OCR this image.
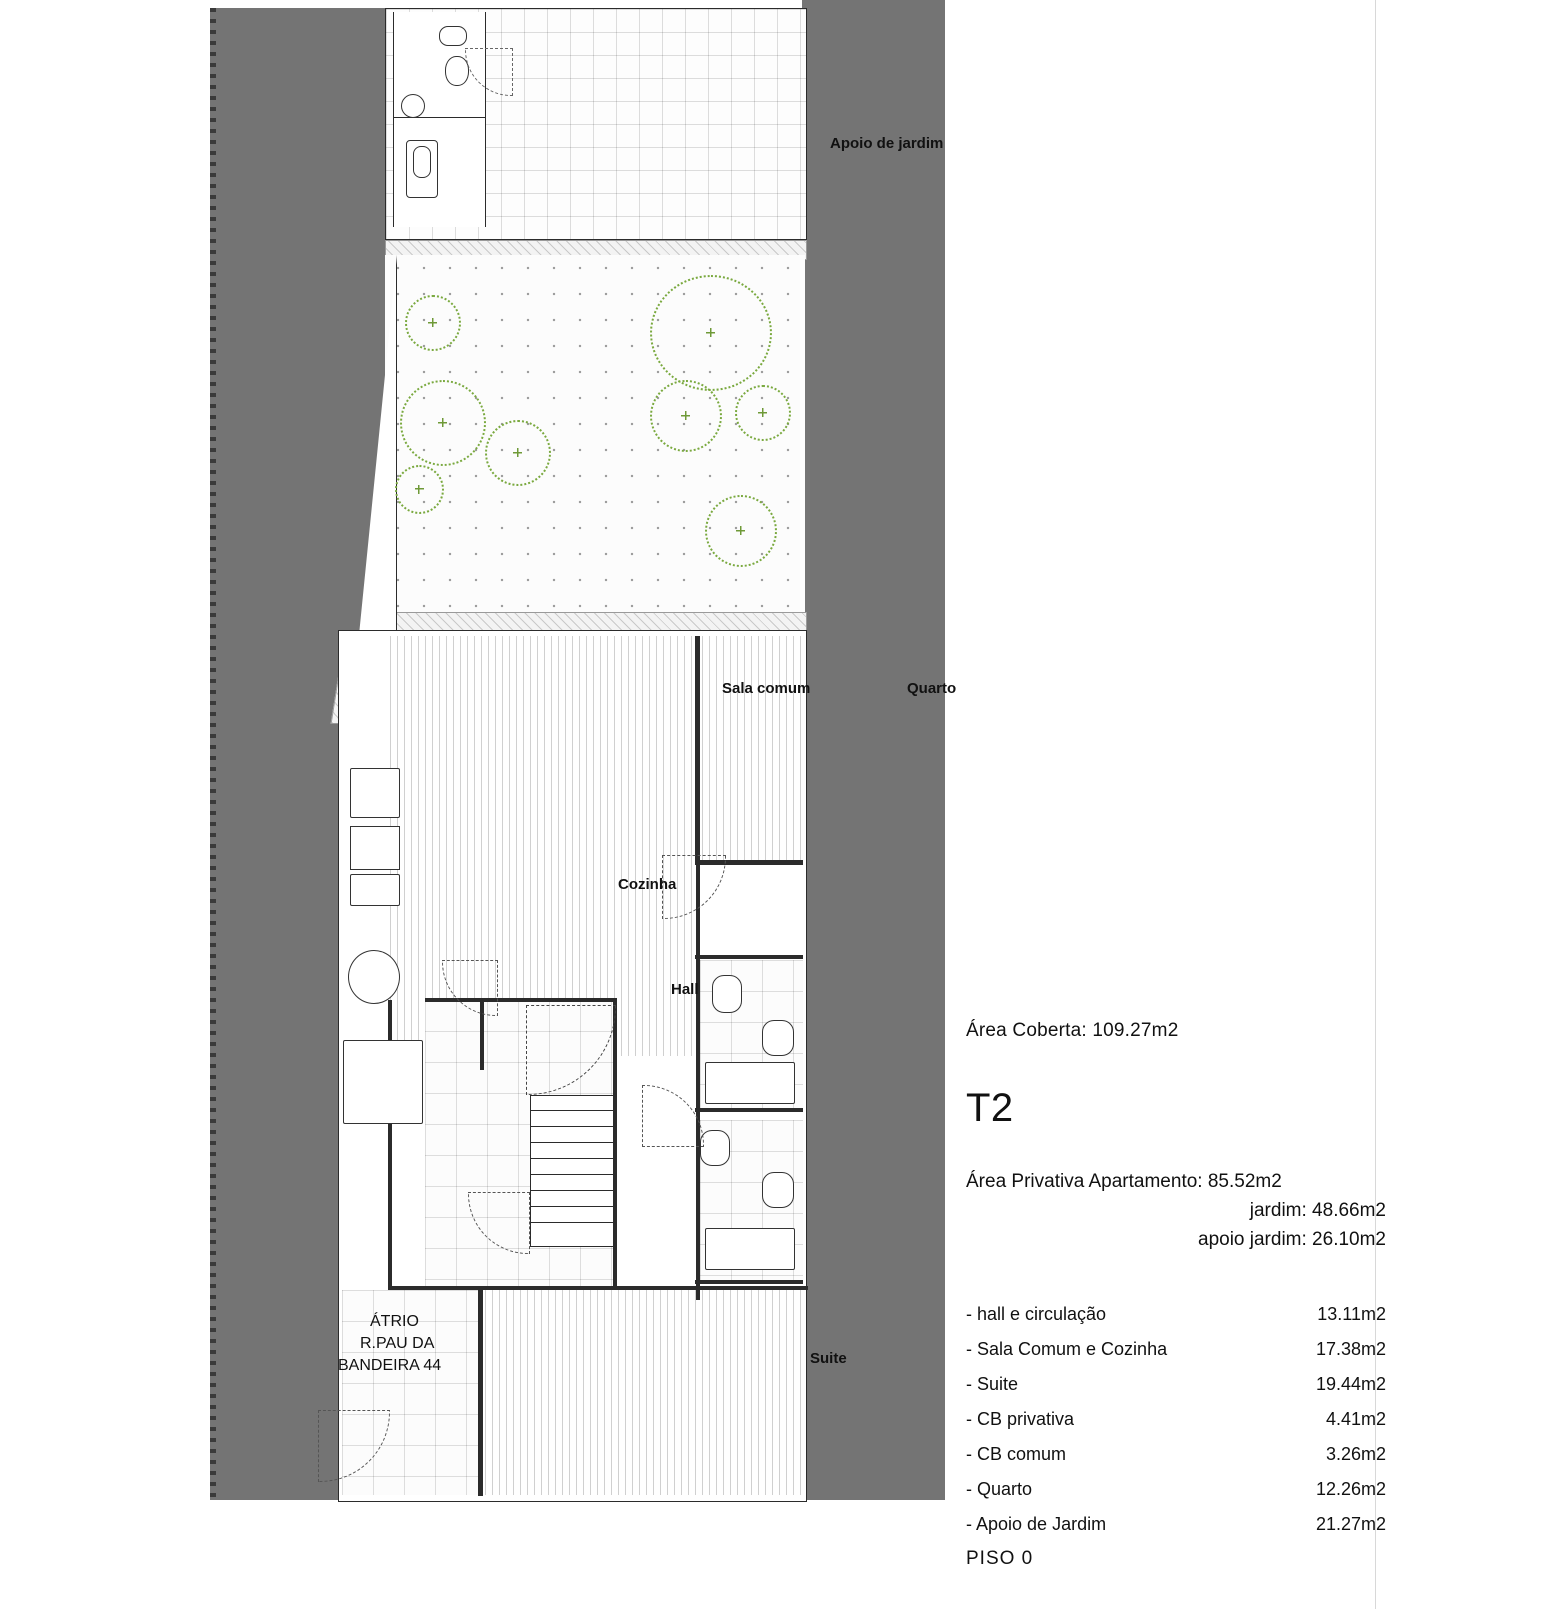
Apoio de jardim
Sala comum	Quarto
Cozinha
Hall
Suite
ÁTRIO
R.PAU DA
BANDEIRA 44
Área Coberta: 109.27m2
T2
Área Privativa Apartamento: 85.52m2
jardim: 48.66m2
apoio jardim: 26.10m2
- hall e circulação	13.11m2
- Sala Comum e Cozinha	17.38m2
- Suite	19.44m2
- CB privativa	4.41m2
- CB comum	3.26m2
- Quarto	12.26m2
- Apoio de Jardim	21.27m2
PISO 0
